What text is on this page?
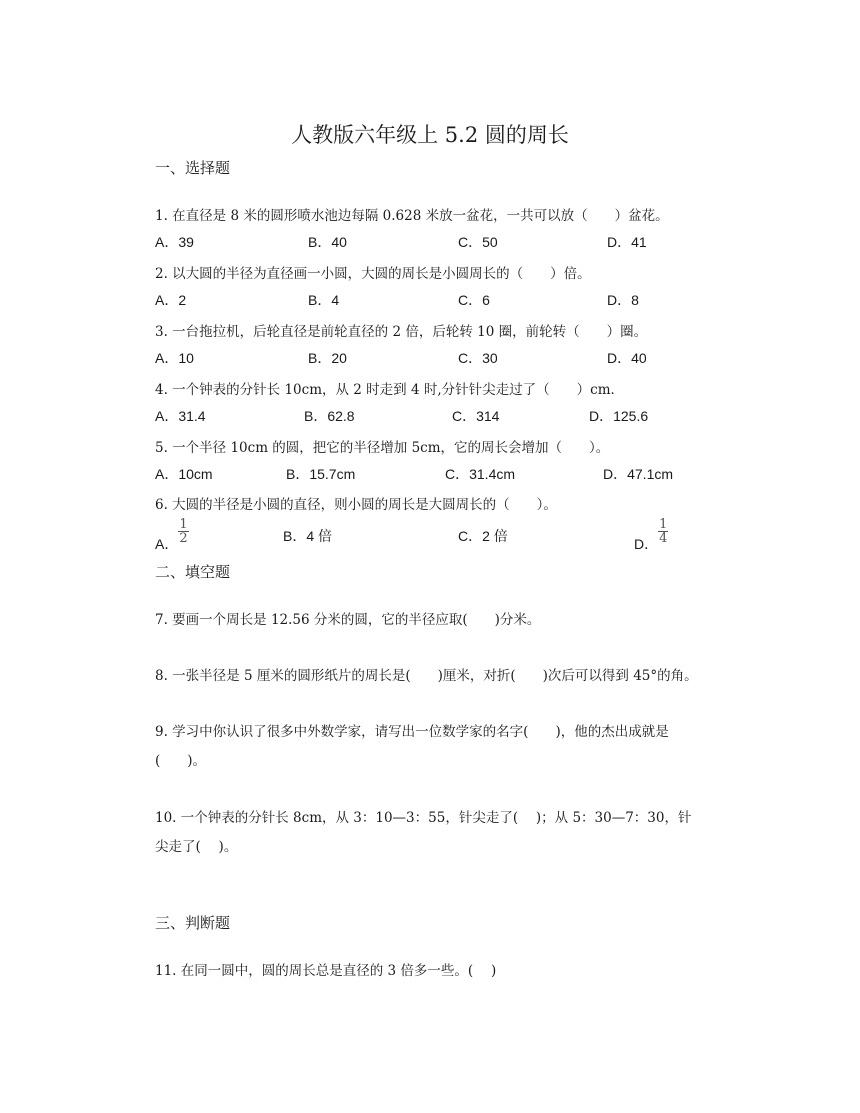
人教版六年级上 5.2 圆的周长
一、选择题
1. 在直径是 8 米的圆形喷水池边每隔 0.628 米放一盆花，一共可以放（　　）盆花。
A．39	B．40	C．50	D．41
2. 以大圆的半径为直径画一小圆，大圆的周长是小圆周长的（　　）倍。
A．2	B．4	C．6	D．8
3. 一台拖拉机，后轮直径是前轮直径的 2 倍，后轮转 10 圈，前轮转（　　）圈。
A．10	B．20	C．30	D．40
4. 一个钟表的分针长 10cm，从 2 时走到 4 时,分针针尖走过了（　　）cm．
A．31.4	B．62.8	C．314	D．125.6
5. 一个半径 10cm 的圆，把它的半径增加 5cm，它的周长会增加（　　）。
A．10cm	B．15.7cm	C．31.4cm	D．47.1cm
6. 大圆的半径是小圆的直径，则小圆的周长是大圆周长的（　　）。
A． $\frac{1}{2}$	B．4 倍	C．2 倍
D． $\frac{1}{4}$
二、填空题
7. 要画一个周长是 12.56 分米的圆，它的半径应取(　　)分米。
8. 一张半径是 5 厘米的圆形纸片的周长是(　　)厘米，对折(　　)次后可以得到 45°的角。
9. 学习中你认识了很多中外数学家，请写出一位数学家的名字(　　)，他的杰出成就是
(　　)。
10. 一个钟表的分针长 8cm，从 3：10—3：55，针尖走了(　 )；从 5：30—7：30，针
尖走了(　 )。
三、判断题
11. 在同一圆中，圆的周长总是直径的 3 倍多一些。(　 )
